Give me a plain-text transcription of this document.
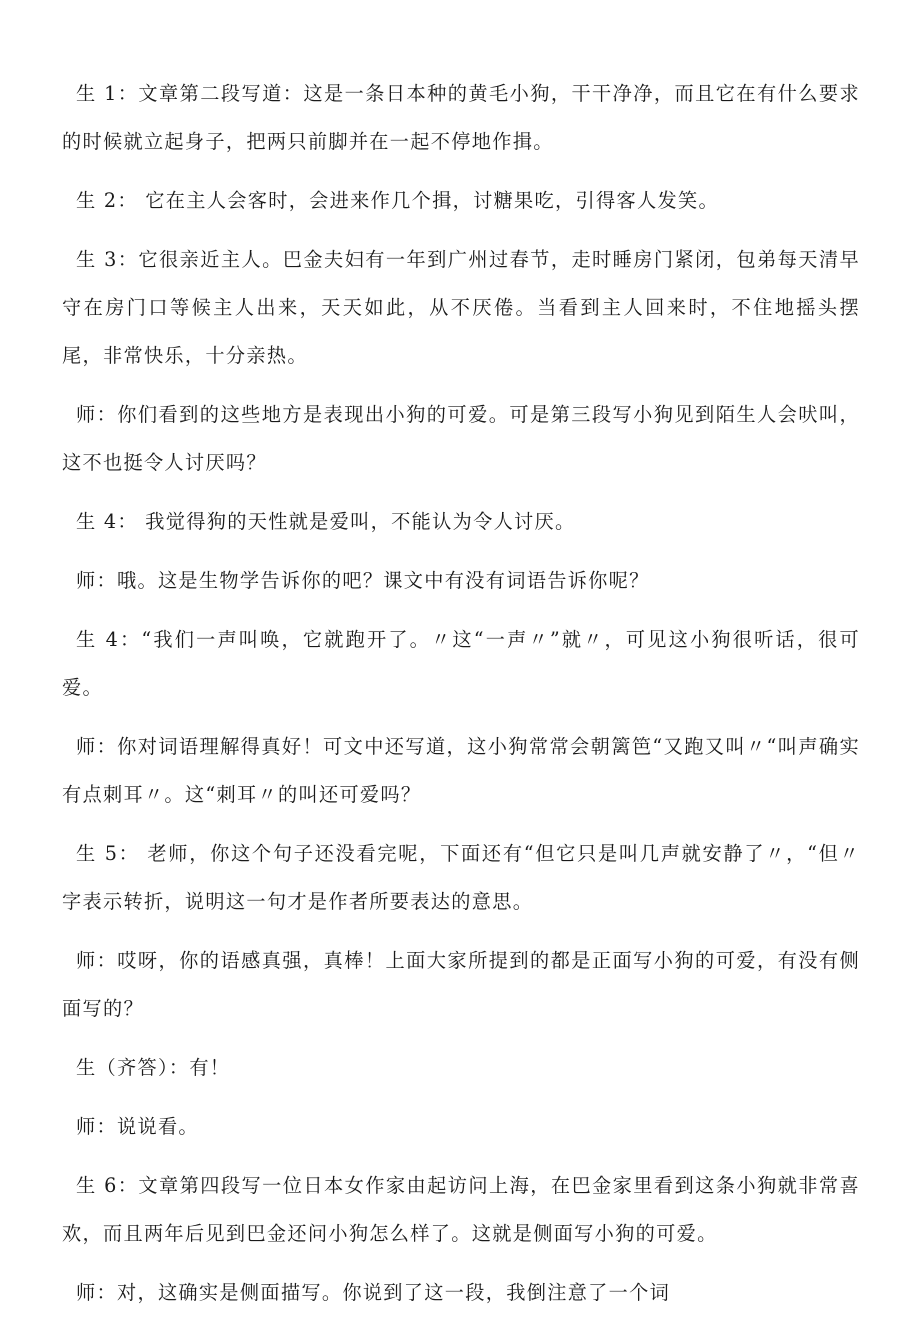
生 1：文章第二段写道：这是一条日本种的黄毛小狗，干干净净，而且它在有什么要求的时候就立起身子，把两只前脚并在一起不停地作揖。

生 2： 它在主人会客时，会进来作几个揖，讨糖果吃，引得客人发笑。

生 3：它很亲近主人。巴金夫妇有一年到广州过春节，走时睡房门紧闭，包弟每天清早守在房门口等候主人出来，天天如此，从不厌倦。当看到主人回来时，不住地摇头摆尾，非常快乐，十分亲热。

师：你们看到的这些地方是表现出小狗的可爱。可是第三段写小狗见到陌生人会吠叫，这不也挺令人讨厌吗？

生 4： 我觉得狗的天性就是爱叫，不能认为令人讨厌。

师：哦。这是生物学告诉你的吧？课文中有没有词语告诉你呢？

生 4：“我们一声叫唤，它就跑开了。〃这“一声〃”就〃，可见这小狗很听话，很可爱。

师：你对词语理解得真好！可文中还写道，这小狗常常会朝篱笆“又跑又叫〃“叫声确实有点刺耳〃。这“刺耳〃的叫还可爱吗？

生 5： 老师，你这个句子还没看完呢，下面还有“但它只是叫几声就安静了〃，“但〃字表示转折，说明这一句才是作者所要表达的意思。

师：哎呀，你的语感真强，真棒！上面大家所提到的都是正面写小狗的可爱，有没有侧面写的？

生（齐答）：有！

师：说说看。

生 6：文章第四段写一位日本女作家由起访问上海，在巴金家里看到这条小狗就非常喜欢，而且两年后见到巴金还问小狗怎么样了。这就是侧面写小狗的可爱。

师：对，这确实是侧面描写。你说到了这一段，我倒注意了一个词
